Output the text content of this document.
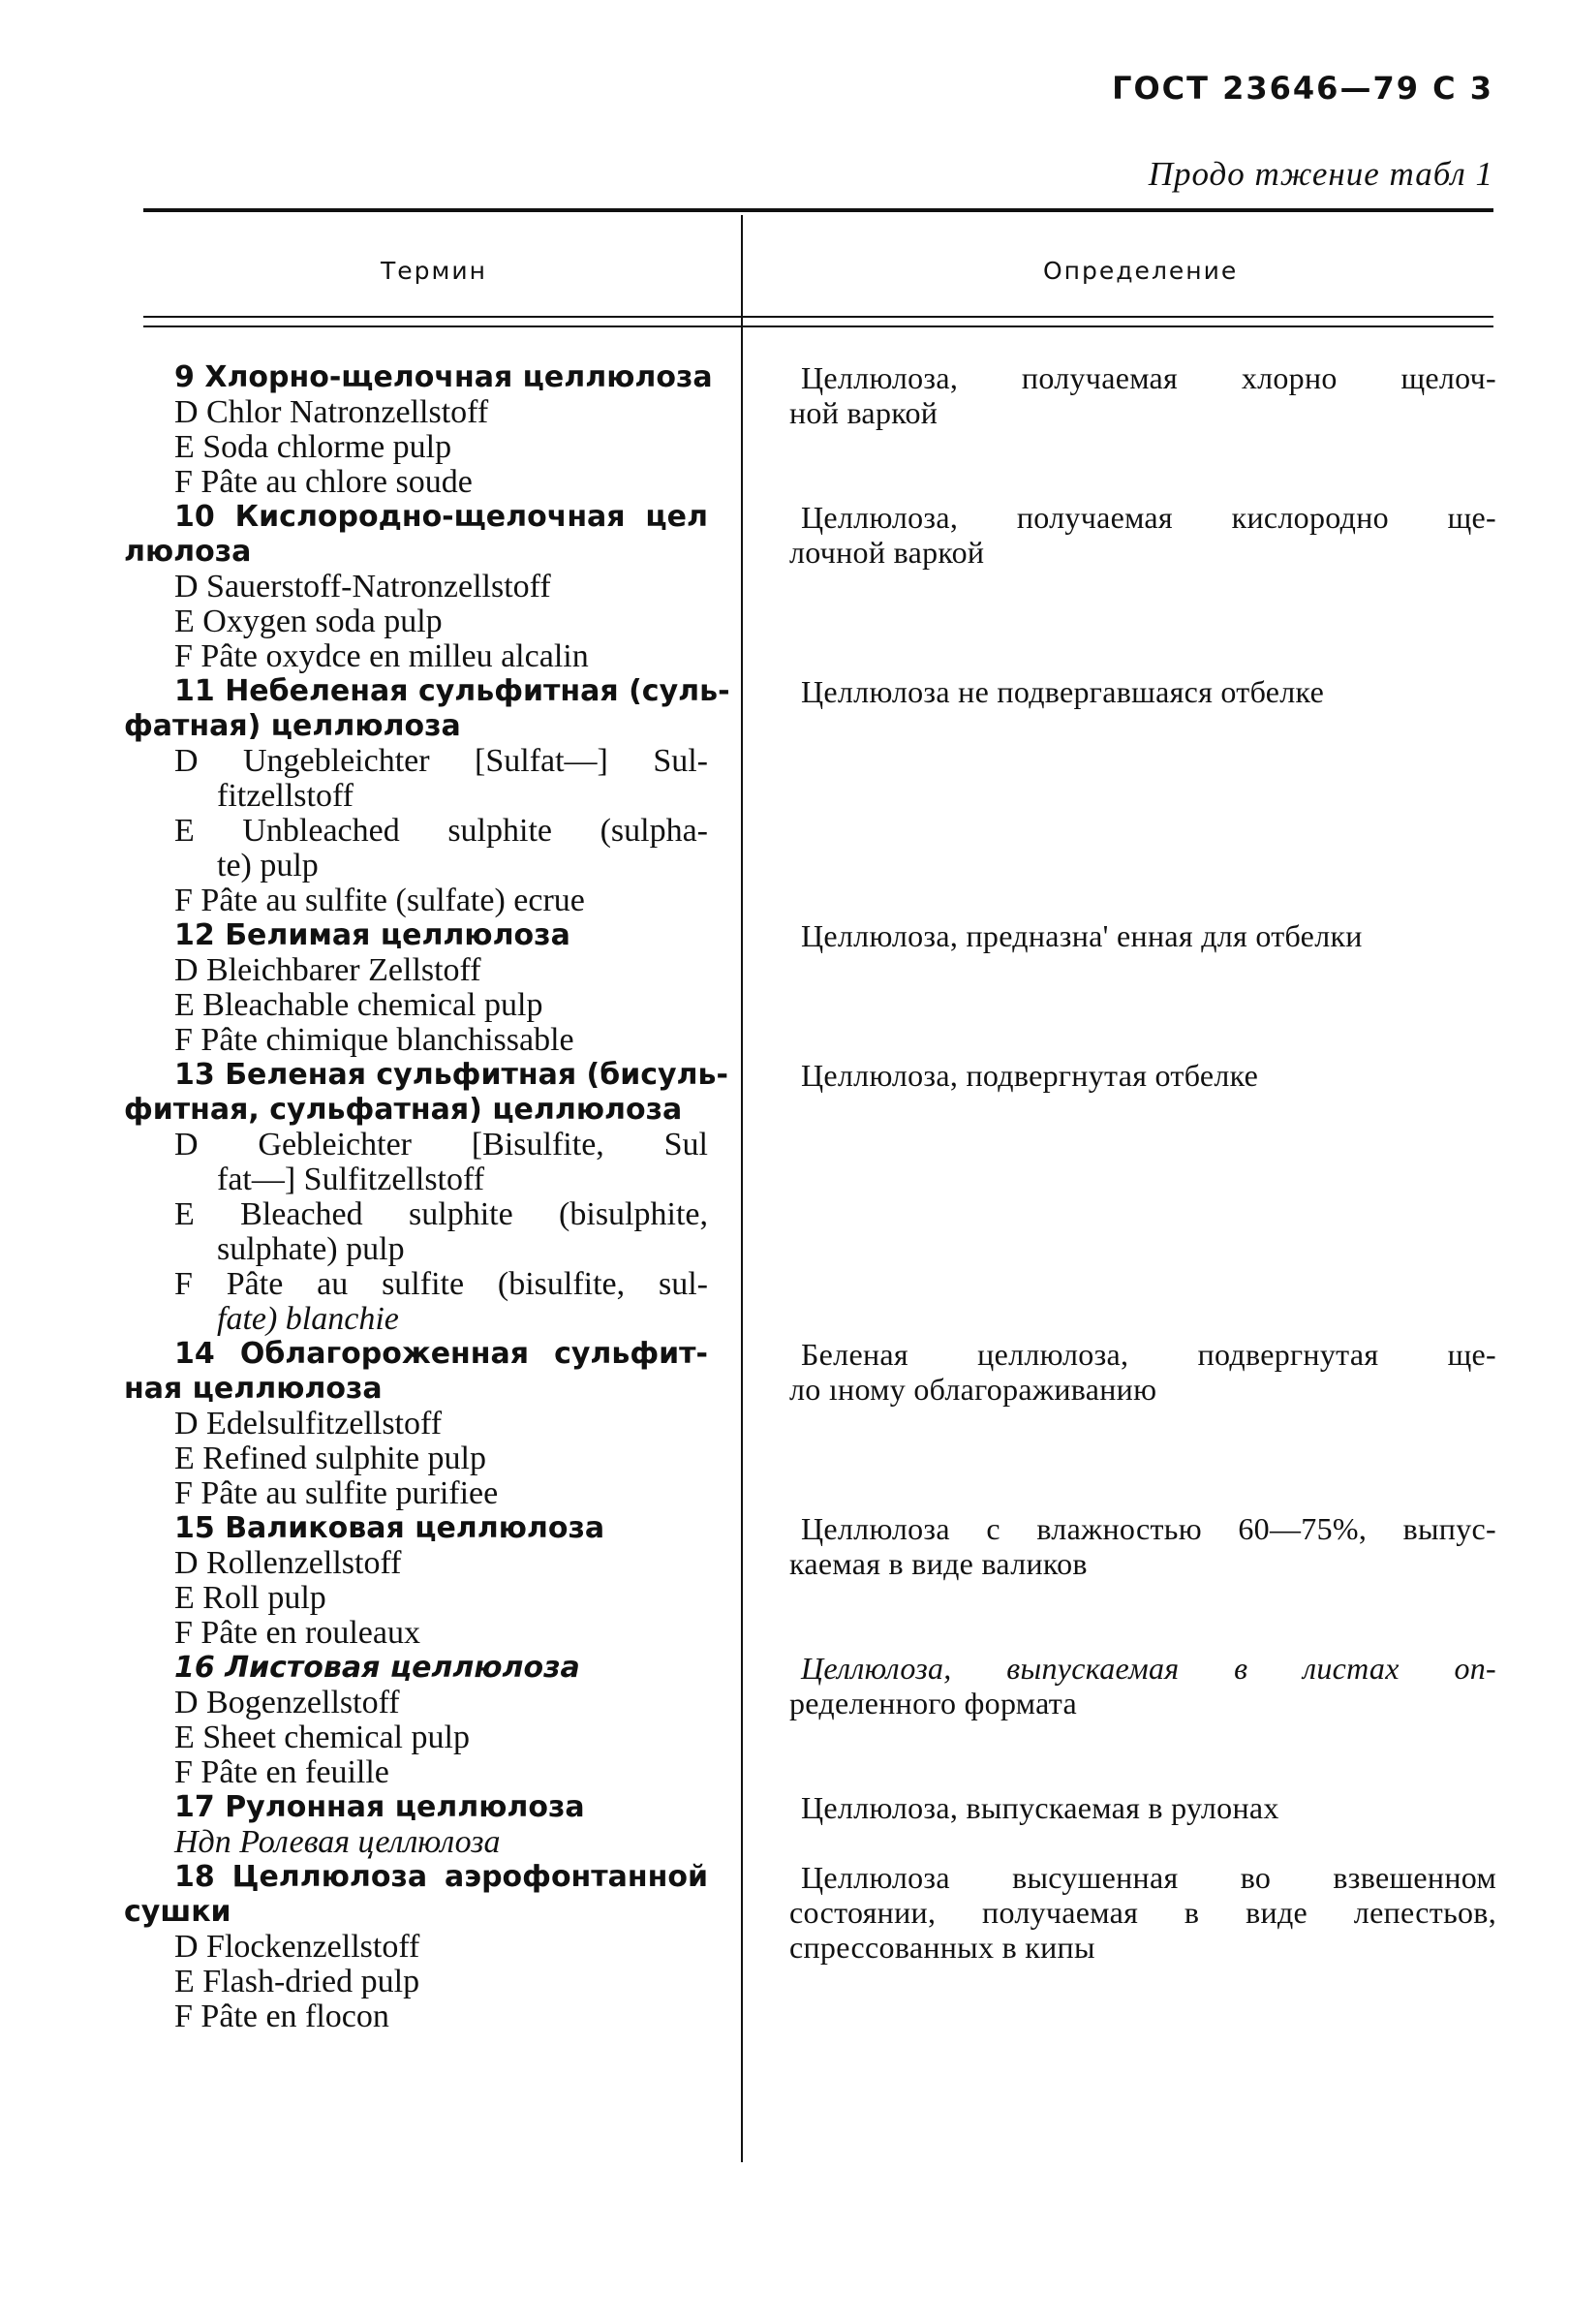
ГОСТ 23646—79 С 3
Продо тжение табл 1
Термин	Определение
9 Хлорно-щелочная целлюлоза
D Chlor Natronzellstoff
E Soda chlorme pulp
F Pâte au chlore soude
10 Кислородно-щелочная цел
люлоза
D Sauerstoff-Natronzellstoff
E Oxygen soda pulp
F Pâte oxydce en milleu alcalin
11 Небеленая сульфитная (суль-
фатная) целлюлоза
D Ungebleichter [Sulfat—] Sul-
fitzellstoff
E Unbleached sulphite (sulpha-
te) pulp
F Pâte au sulfite (sulfate) ecrue
12 Белимая целлюлоза
D Bleichbarer Zellstoff
E Bleachable chemical pulp
F Pâte chimique blanchissable
13 Беленая сульфитная (бисуль-
фитная, сульфатная) целлюлоза
D Gebleichter [Bisulfite, Sul
fat—] Sulfitzellstoff
E Bleached sulphite (bisulphite,
sulphate) pulp
F Pâte au sulfite (bisulfite, sul-
fate) blanchie
14 Облагороженная сульфит-
ная целлюлоза
D Edelsulfitzellstoff
E Refined sulphite pulp
F Pâte au sulfite purifiee
15 Валиковая целлюлоза
D Rollenzellstoff
E Roll pulp
F Pâte en rouleaux
16 Листовая целлюлоза
D Bogenzellstoff
E Sheet chemical pulp
F Pâte en feuille
17 Рулонная целлюлоза
Ндп Ролевая целлюлоза
18 Целлюлоза аэрофонтанной
сушки
D Flockenzellstoff
E Flash-dried pulp
F Pâte en flocon
Целлюлоза, получаемая хлорно щелоч-
ной варкой
Целлюлоза, получаемая кислородно ще-
лочной варкой
Целлюлоза не подвергавшаяся отбелке
Целлюлоза, предназна' енная для отбелки
Целлюлоза, подвергнутая отбелке
Беленая целлюлоза, подвергнутая ще-
ло ıному облагораживанию
Целлюлоза с влажностью 60—75%, выпус-
каемая в виде валиков
Целлюлоза, выпускаемая в листах оп-
ределенного формата
Целлюлоза, выпускаемая в рулонах
Целлюлоза высушенная во взвешенном
состоянии, получаемая в виде лепестьов,
спрессованных в кипы
